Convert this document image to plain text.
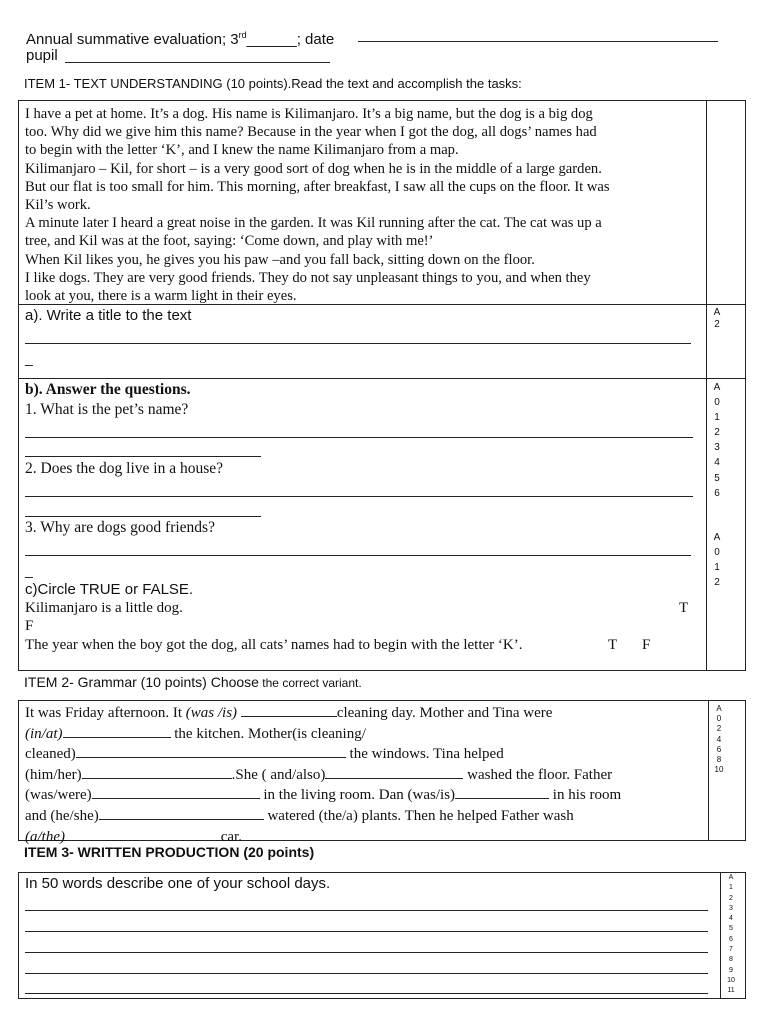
Annual summative evaluation; 3rd______; date
pupil
ITEM 1- TEXT UNDERSTANDING (10 points).Read the text and accomplish the tasks:
I have a pet at home. It’s a dog. His name is Kilimanjaro. It’s a big name, but the dog is a big dog
too. Why did we give him this name? Because in the year when I got the dog, all dogs’ names had
to begin with the letter ‘K’, and I knew the name Kilimanjaro from a map.
Kilimanjaro – Kil, for short – is a very good sort of dog when he is in the middle of a large garden.
But our flat is too small for him. This morning, after breakfast, I saw all the cups on the floor. It was
Kil’s work.
A minute later I heard a great noise in the garden. It was Kil running after the cat. The cat was up a
tree, and Kil was at the foot, saying: ‘Come down, and play with me!’
When Kil likes you, he gives you his paw –and you fall back, sitting down on the floor.
I like dogs. They are very good friends. They do not say unpleasant things to you, and when they
look at you, there is a warm light in their eyes.
a). Write a title to the text
_
A
2
b). Answer the questions.
1. What is the pet’s name?
2. Does the dog live in a house?
3. Why are dogs good friends?
_
A
0
1
2
3
4
5
6
A
0
1
2
c)Circle TRUE or FALSE.
Kilimanjaro is a little dog.	T
F
The year when the boy got the dog, all cats’ names had to begin with the letter ‘K’.	T F
ITEM 2- Grammar (10 points) Choose the correct variant.
A
0
2
4
6
8
10
It was Friday afternoon. It (was /is)	cleaning day. Mother and Tina were
(in/at)	the kitchen. Mother(is cleaning/
cleaned)	the windows. Tina helped
(him/her)	.She ( and/also)	washed the floor. Father
(was/were)	in the living room. Dan (was/is)	in his room
and (he/she)	watered (the/a) plants. Then he helped Father wash
(a/the)	car.
ITEM 3- WRITTEN PRODUCTION (20 points)
A
1
2
3
4
5
6
7
8
9
10
11
In 50 words describe one of your school days.
